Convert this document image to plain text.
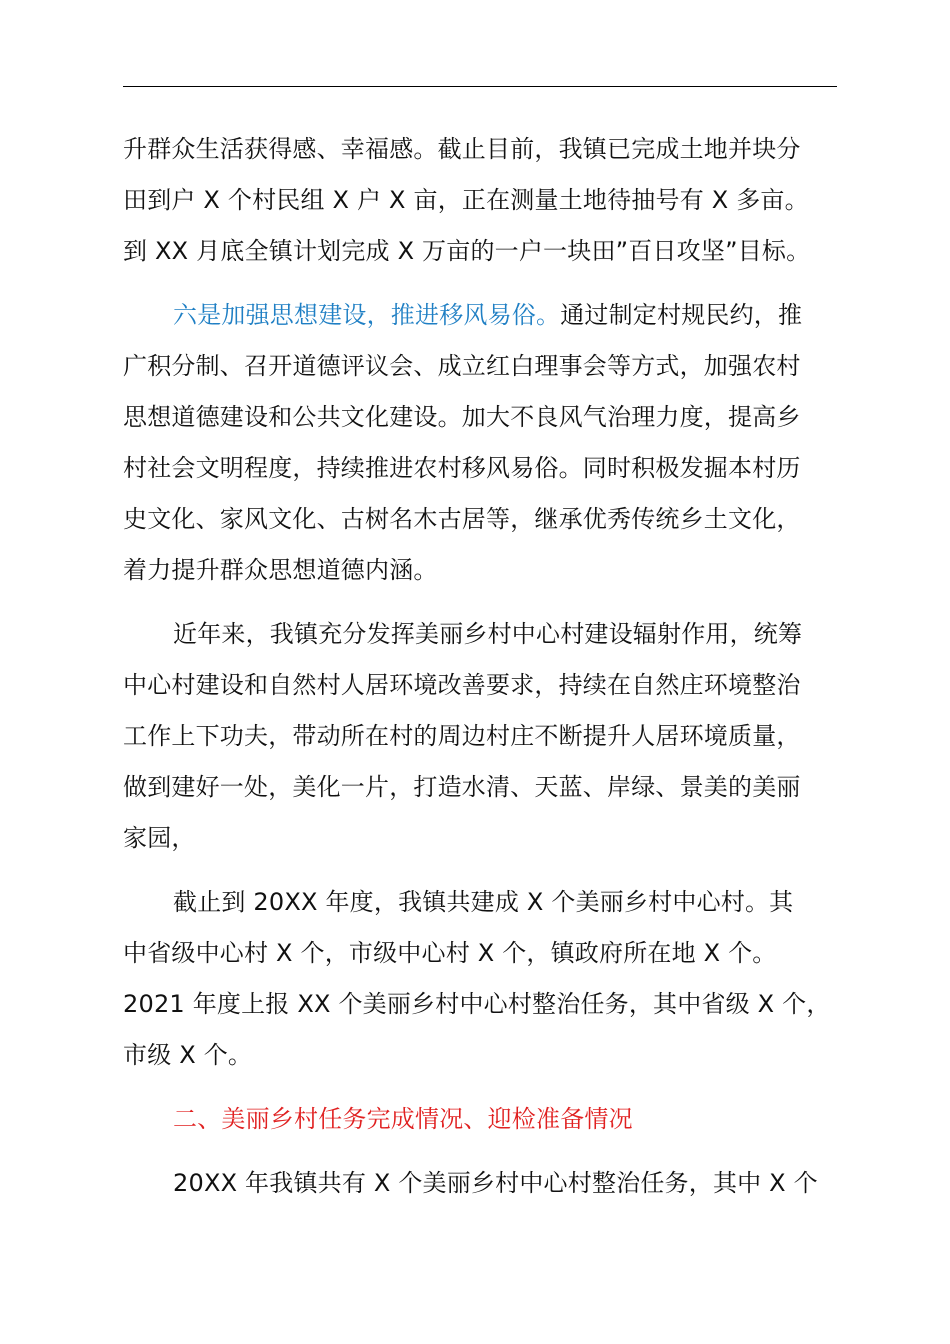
升群众生活获得感、幸福感。截止目前，我镇已完成土地并块分
田到户 X 个村民组 X 户 X 亩，正在测量土地待抽号有 X 多亩。
到 XX 月底全镇计划完成 X 万亩的一户一块田”百日攻坚”目标。

六是加强思想建设，推进移风易俗。通过制定村规民约，推
广积分制、召开道德评议会、成立红白理事会等方式，加强农村
思想道德建设和公共文化建设。加大不良风气治理力度，提高乡
村社会文明程度，持续推进农村移风易俗。同时积极发掘本村历
史文化、家风文化、古树名木古居等，继承优秀传统乡土文化，
着力提升群众思想道德内涵。

近年来，我镇充分发挥美丽乡村中心村建设辐射作用，统筹
中心村建设和自然村人居环境改善要求，持续在自然庄环境整治
工作上下功夫，带动所在村的周边村庄不断提升人居环境质量，
做到建好一处，美化一片，打造水清、天蓝、岸绿、景美的美丽
家园，

截止到 20XX 年度，我镇共建成 X 个美丽乡村中心村。其
中省级中心村 X 个，市级中心村 X 个，镇政府所在地 X 个。
2021 年度上报 XX 个美丽乡村中心村整治任务，其中省级 X 个，
市级 X 个。

二、美丽乡村任务完成情况、迎检准备情况

20XX 年我镇共有 X 个美丽乡村中心村整治任务，其中 X 个
